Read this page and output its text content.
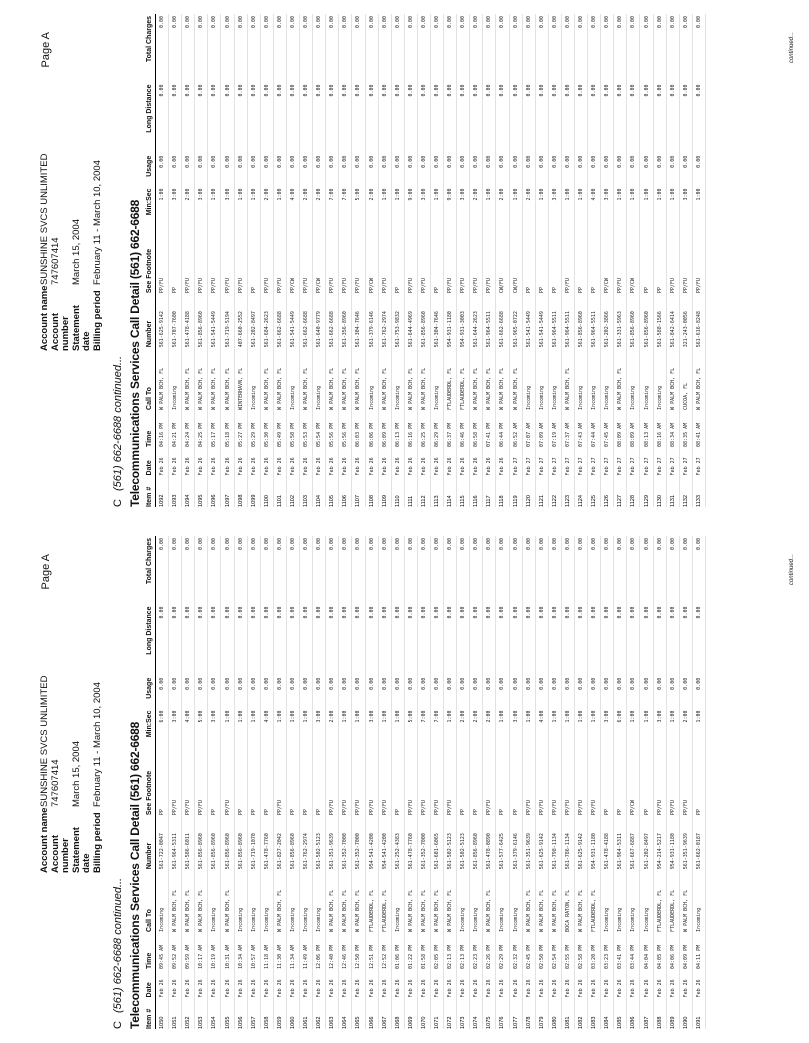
Page A
Account name
SUNSHINE SVCS UNLIMITED
Account number
747607414
Statement date
March 15, 2004
Billing period
February 11 - March 10, 2004
C(561) 662-6688 continued... Telecommunications Services Call Detail (561) 662-6688 Item #	Date	Time	Call To	Number	See Footnote	Min:Sec	Usage	Long Distance	Total Charges
1050	Feb 26	09:45 AM	Incoming	561-722-0047	PP	6:00	0.00	0.00	0.00
1051	Feb 26	09:52 AM	W PALM BCH, FL	561-964-5311	PP/FU	3:00	0.00	0.00	0.00
1052	Feb 26	09:59 AM	W PALM BCH, FL	561-586-6011	PP/FU	4:00	0.00	0.00	0.00
1053	Feb 26	10:17 AM	W PALM BCH, FL	561-856-8960	PP/FU	5:00	0.00	0.00	0.00
1054	Feb 26	10:19 AM	Incoming	561-856-8960	PP	3:00	0.00	0.00	0.00
1055	Feb 26	10:31 AM	W PALM BCH, FL	561-856-8960	PP/FU	1:00	0.00	0.00	0.00
1056	Feb 26	10:34 AM	Incoming	561-856-8960	PP	1:00	0.00	0.00	0.00
1057	Feb 26	10:57 AM	Incoming	561-719-1070	PP	1:00	0.00	0.00	0.00
1058	Feb 26	11:18 AM	Incoming	561-478-7760	PP	4:00	0.00	0.00	0.00
1059	Feb 26	11:30 AM	W PALM BCH, FL	561-827-2042	PP/FU	1:00	0.00	0.00	0.00
1060	Feb 26	11:34 AM	Incoming	561-856-8960	PP	1:00	0.00	0.00	0.00
1061	Feb 26	11:49 AM	Incoming	561-762-2974	PP	1:00	0.00	0.00	0.00
1062	Feb 26	12:06 PM	Incoming	561-502-5123	PP	3:00	0.00	0.00	0.00
1063	Feb 26	12:40 PM	W PALM BCH, FL	561-351-9639	PP/FU	2:00	0.00	0.00	0.00
1064	Feb 26	12:46 PM	W PALM BCH, FL	561-352-7000	PP/FU	1:00	0.00	0.00	0.00
1065	Feb 26	12:50 PM	W PALM BCH, FL	561-352-7000	PP/FU	1:00	0.00	0.00	0.00
1066	Feb 26	12:51 PM	FTLAUDERDL, FL	954-541-4200	PP/FU	3:00	0.00	0.00	0.00
1067	Feb 26	12:52 PM	FTLAUDERDL, FL	954-541-4200	PP/FU	1:00	0.00	0.00	0.00
1068	Feb 26	01:06 PM	Incoming	561-252-4383	PP	1:00	0.00	0.00	0.00
1069	Feb 26	01:22 PM	W PALM BCH, FL	561-478-7760	PP/FU	5:00	0.00	0.00	0.00
1070	Feb 26	01:58 PM	W PALM BCH, FL	561-352-7000	PP/FU	7:00	0.00	0.00	0.00
1071	Feb 26	02:05 PM	W PALM BCH, FL	561-601-6065	PP/FU	7:00	0.00	0.00	0.00
1072	Feb 26	02:13 PM	W PALM BCH, FL	561-502-5123	PP/FU	1:00	0.00	0.00	0.00
1073	Feb 26	02:13 PM	Incoming	561-502-5123	PP	2:00	0.00	0.00	0.00
1074	Feb 26	02:23 PM	Incoming	561-856-8960	PP	2:00	0.00	0.00	0.00
1075	Feb 26	02:26 PM	W PALM BCH, FL	561-478-0890	PP/FU	2:00	0.00	0.00	0.00
1076	Feb 26	02:29 PM	Incoming	561-577-6425	PP	1:00	0.00	0.00	0.00
1077	Feb 26	02:32 PM	Incoming	561-379-6146	PP	3:00	0.00	0.00	0.00
1078	Feb 26	02:45 PM	W PALM BCH, FL	561-351-9639	PP/FU	1:00	0.00	0.00	0.00
1079	Feb 26	02:50 PM	W PALM BCH, FL	561-625-9142	PP/FU	4:00	0.00	0.00	0.00
1080	Feb 26	02:54 PM	W PALM BCH, FL	561-798-1134	PP/FU	1:00	0.00	0.00	0.00
1081	Feb 26	02:55 PM	BOCA RATON, FL	561-786-1134	PP/FU	1:00	0.00	0.00	0.00
1082	Feb 26	02:58 PM	W PALM BCH, FL	561-625-9142	PP/FU	1:00	0.00	0.00	0.00
1083	Feb 26	03:20 PM	FTLAUDERDL, FL	954-931-1180	PP/FU	1:00	0.00	0.00	0.00
1084	Feb 26	03:23 PM	Incoming	561-478-4188	PP	3:00	0.00	0.00	0.00
1085	Feb 26	03:41 PM	Incoming	561-964-5311	PP	6:00	0.00	0.00	0.00
1086	Feb 26	03:44 PM	Incoming	561-667-6887	PP/CW	1:00	0.00	0.00	0.00
1087	Feb 26	04:04 PM	Incoming	561-202-8497	PP	1:00	0.00	0.00	0.00
1088	Feb 26	04:05 PM	FTLAUDERDL, FL	954-214-5217	PP/FU	3:00	0.00	0.00	0.00
1089	Feb 26	04:06 PM	FTLAUDERDL, FL	954-931-1180	PP/FU	1:00	0.00	0.00	0.00
1090	Feb 26	04:09 PM	W PALM BCH, FL	561-351-9639	PP/FU	2:00	0.00	0.00	0.00
1091	Feb 26	04:11 PM	Incoming	561-662-0187	PP	1:00	0.00	0.00	0.00
continued...
Page A
Account name
SUNSHINE SVCS UNLIMITED
Account number
747607414
Statement date
March 15, 2004
Billing period
February 11 - March 10, 2004
C(561) 662-6688 continued... Telecommunications Services Call Detail (561) 662-6688 Item #	Date	Time	Call To	Number	See Footnote	Min:Sec	Usage	Long Distance	Total Charges
1092	Feb 26	04:16 PM	W PALM BCH, FL	561-625-9142	PP/FU	1:00	0.00	0.00	0.00
1093	Feb 26	04:21 PM	Incoming	561-707-7600	PP	3:00	0.00	0.00	0.00
1094	Feb 26	04:24 PM	W PALM BCH, FL	561-478-4188	PP/FU	2:00	0.00	0.00	0.00
1095	Feb 26	04:25 PM	W PALM BCH, FL	561-856-8960	PP/FU	3:00	0.00	0.00	0.00
1096	Feb 26	05:17 PM	W PALM BCH, FL	561-541-5449	PP/FU	1:00	0.00	0.00	0.00
1097	Feb 26	05:18 PM	W PALM BCH, FL	561-719-5194	PP/FU	3:00	0.00	0.00	0.00
1098	Feb 26	05:27 PM	WINTERHAVN, FL	407-660-2552	PP/FU	1:00	0.00	0.00	0.00
1099	Feb 26	05:29 PM	Incoming	561-202-8497	PP	1:00	0.00	0.00	0.00
1100	Feb 26	05:30 PM	W PALM BCH, FL	561-684-2623	PP/FU	2:00	0.00	0.00	0.00
1101	Feb 26	05:49 PM	W PALM BCH, FL	561-662-6688	PP/FU	1:00	0.00	0.00	0.00
1102	Feb 26	05:50 PM	Incoming	561-541-5449	PP/CW	4:00	0.00	0.00	0.00
1103	Feb 26	05:53 PM	W PALM BCH, FL	561-662-6688	PP/FU	2:00	0.00	0.00	0.00
1104	Feb 26	05:54 PM	Incoming	561-640-9779	PP/CW	2:00	0.00	0.00	0.00
1105	Feb 26	05:56 PM	W PALM BCH, FL	561-662-6688	PP/FU	7:00	0.00	0.00	0.00
1106	Feb 26	05:56 PM	W PALM BCH, FL	561-356-8960	PP/FU	7:00	0.00	0.00	0.00
1107	Feb 26	06:03 PM	W PALM BCH, FL	561-304-7646	PP/FU	5:00	0.00	0.00	0.00
1108	Feb 26	06:06 PM	Incoming	561-379-6146	PP/CW	2:00	0.00	0.00	0.00
1109	Feb 26	06:09 PM	W PALM BCH, FL	561-762-2974	PP/FU	1:00	0.00	0.00	0.00
1110	Feb 26	06:13 PM	Incoming	561-753-9832	PP	1:00	0.00	0.00	0.00
1111	Feb 26	06:16 PM	W PALM BCH, FL	561-644-4969	PP/FU	9:00	0.00	0.00	0.00
1112	Feb 26	06:25 PM	W PALM BCH, FL	561-856-8960	PP/FU	3:00	0.00	0.00	0.00
1113	Feb 26	06:29 PM	Incoming	561-304-7646	PP	1:00	0.00	0.00	0.00
1114	Feb 26	06:37 PM	FTLAUDERDL, FL	954-931-1180	PP/FU	9:00	0.00	0.00	0.00
1115	Feb 26	06:46 PM	FTLAUDERDL, FL	954-931-3003	PP/FU	3:00	0.00	0.00	0.00
1116	Feb 26	06:58 PM	W PALM BCH, FL	561-644-2623	PP/FU	2:00	0.00	0.00	0.00
1117	Feb 26	07:41 PM	W PALM BCH, FL	561-964-5511	PP/FU	1:00	0.00	0.00	0.00
1118	Feb 26	06:44 PM	W PALM BCH, FL	561-662-6688	CW/FU	2:00	0.00	0.00	0.00
1119	Feb 27	06:52 AM	W PALM BCH, FL	561-965-0722	CW/FU	1:00	0.00	0.00	0.00
1120	Feb 27	07:07 AM	Incoming	561-541-5449	PP	2:00	0.00	0.00	0.00
1121	Feb 27	07:09 AM	Incoming	561-541-5449	PP	1:00	0.00	0.00	0.00
1122	Feb 27	07:19 AM	Incoming	561-964-5511	PP	3:00	0.00	0.00	0.00
1123	Feb 27	07:37 AM	W PALM BCH, FL	561-964-5511	PP/FU	1:00	0.00	0.00	0.00
1124	Feb 27	07:43 AM	Incoming	561-856-8960	PP	1:00	0.00	0.00	0.00
1125	Feb 27	07:44 AM	Incoming	561-964-5511	PP	4:00	0.00	0.00	0.00
1126	Feb 27	07:45 AM	Incoming	561-202-3866	PP/CW	3:00	0.00	0.00	0.00
1127	Feb 27	08:09 AM	W PALM BCH, FL	561-331-5963	PP/FU	1:00	0.00	0.00	0.00
1128	Feb 27	08:09 AM	Incoming	561-856-8960	PP/CW	1:00	0.00	0.00	0.00
1129	Feb 27	08:13 AM	Incoming	561-856-8960	PP	1:00	0.00	0.00	0.00
1130	Feb 27	08:16 AM	Incoming	561-588-1566	PP	1:00	0.00	0.00	0.00
1131	Feb 27	08:34 AM	W PALM BCH, FL	561-842-6414	PP/FU	1:00	0.00	0.00	0.00
1132	Feb 27	08:35 AM	CUCOA, FL	321-243-0056	PP/FU	3:00	0.00	0.00	0.00
1133	Feb 27	08:41 AM	W PALM BCH, FL	561-616-8248	PP/FU	1:00	0.00	0.00	0.00
continued...
